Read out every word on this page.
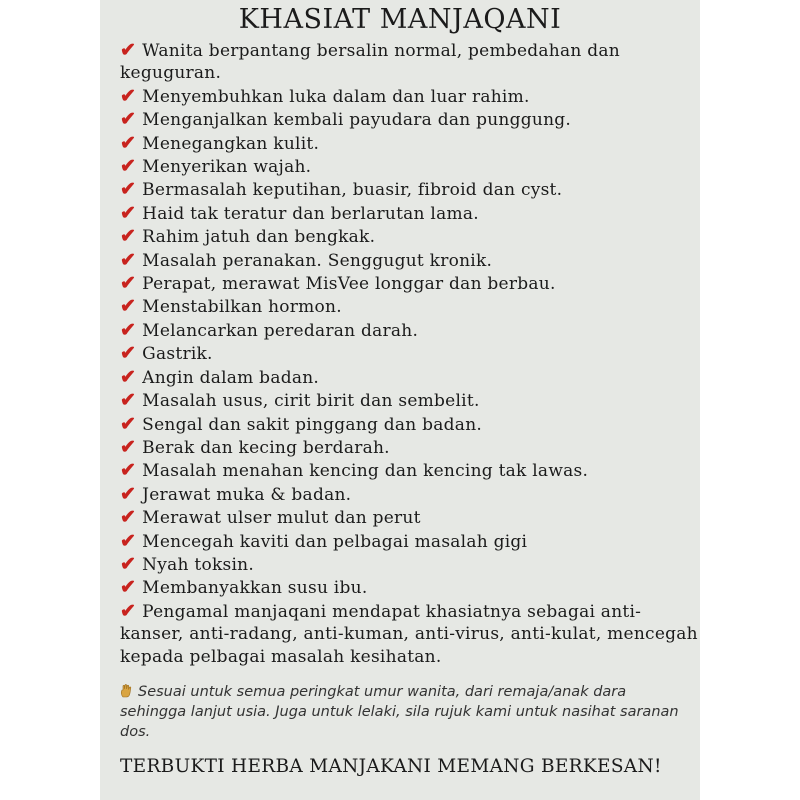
KHASIAT MANJAQANI
✔ Wanita berpantang bersalin normal, pembedahan dan keguguran.
✔ Menyembuhkan luka dalam dan luar rahim.
✔ Menganjalkan kembali payudara dan punggung.
✔ Menegangkan kulit.
✔ Menyerikan wajah.
✔ Bermasalah keputihan, buasir, fibroid dan cyst.
✔ Haid tak teratur dan berlarutan lama.
✔ Rahim jatuh dan bengkak.
✔ Masalah peranakan. Senggugut kronik.
✔ Perapat, merawat MisVee longgar dan berbau.
✔ Menstabilkan hormon.
✔ Melancarkan peredaran darah.
✔ Gastrik.
✔ Angin dalam badan.
✔ Masalah usus, cirit birit dan sembelit.
✔ Sengal dan sakit pinggang dan badan.
✔ Berak dan kecing berdarah.
✔ Masalah menahan kencing dan kencing tak lawas.
✔ Jerawat muka & badan.
✔ Merawat ulser mulut dan perut
✔ Mencegah kaviti dan pelbagai masalah gigi
✔ Nyah toksin.
✔ Membanyakkan susu ibu.
✔ Pengamal manjaqani mendapat khasiatnya sebagai anti-kanser, anti-radang, anti-kuman, anti-virus, anti-kulat, mencegah kepada pelbagai masalah kesihatan.

Sesuai untuk semua peringkat umur wanita, dari remaja/anak dara sehingga lanjut usia. Juga untuk lelaki, sila rujuk kami untuk nasihat saranan dos.

TERBUKTI HERBA MANJAKANI MEMANG BERKESAN!
